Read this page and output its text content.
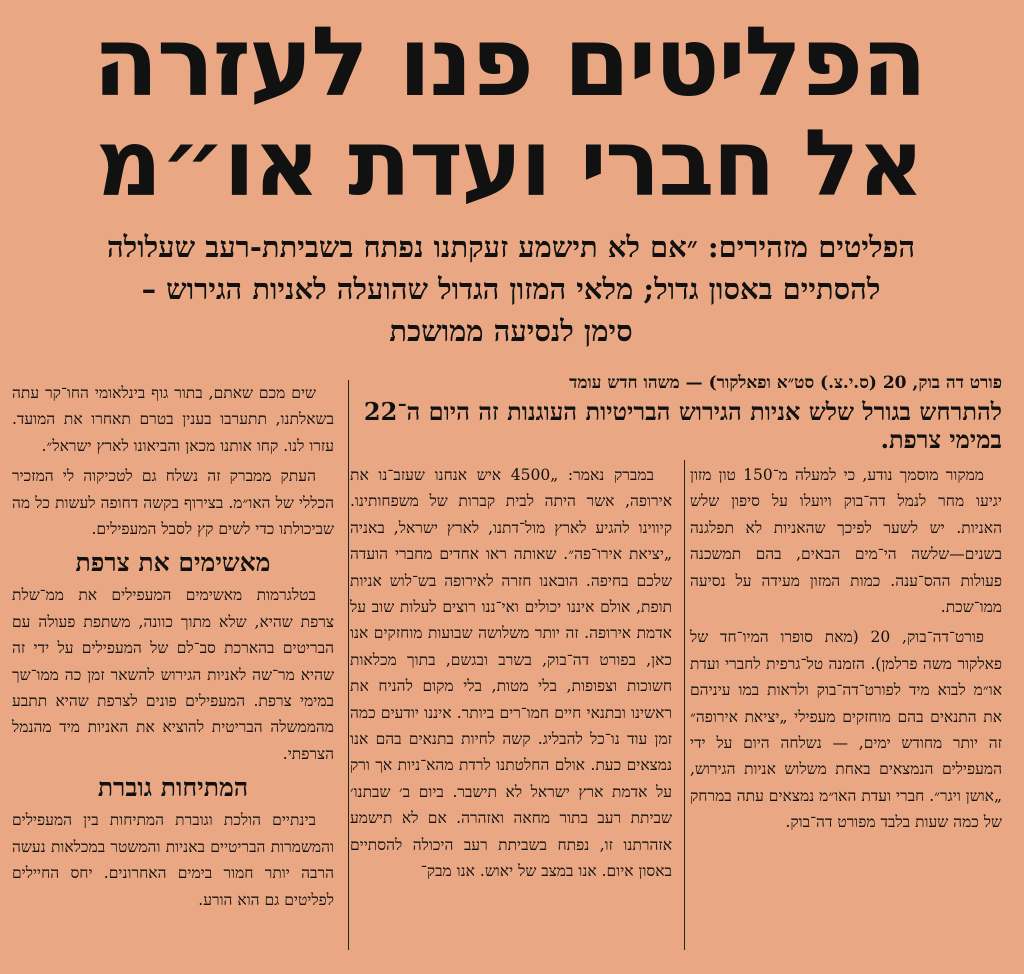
הפליטים פנו לעזרה
אל חברי ועדת או״מ
הפליטים מזהירים: ״אם לא תישמע זעקתנו נפתח בשביתת-רעב שעלולה
להסתיים באסון גדול; מלאי המזון הגדול שהועלה לאניות הגירוש –
סימן לנסיעה ממושכת
פורט דה בוק, 20 (ס.י.צ.) סט״א ופאלקור) — משהו חדש עומד
להתרחש בגורל שלש אניות הגירוש הבריטיות העוגנות זה היום ה־22 במימי צרפת.

ממקור מוסמך נודע, כי למעלה מ־150 טון מזון יגיעו מחר לנמל דה־בוק ויועלו על סיפון שלש האניות. יש לשער לפיכך שהאניות לא תפלגנה בשנים—שלשה הי־מים הבאים, בהם תמשכנה פעולות ההס־ענה. כמות המזון מעידה על נסיעה ממו־שכת.

פורט־דה־בוק, 20 (מאת סופרו המיו־חד של פאלקור משה פרלמן). הזמנה טל־גרפית לחברי ועדת או״מ לבוא מיד לפורט־דה־בוק ולראות במו עיניהם את התנאים בהם מוחזקים מעפילי „יציאת אירופה״ זה יותר מחודש ימים, — נשלחה היום על ידי המעפילים הנמצאים באחת משלוש אניות הגירוש, „אושן ויגר״. חברי ועדת האו״מ נמצאים עתה במרחק של כמה שעות בלבד מפורט דה־בוק.

במברק נאמר: „4500 איש אנחנו שעזב־נו את אירופה, אשר היתה לבית קברות של משפחותינו. קיווינו להגיע לארץ מול־דתנו, לארץ ישראל, באניה „יציאת אירו־פה״. שאותה ראו אחדים מחברי הועדה שלכם בחיפה. הובאנו חזרה לאירופה בש־לוש אניות תופת, אולם איננו יכולים ואי־ננו רוצים לעלות שוב על אדמת אירופה. זה יותר משלושה שבועות מוחזקים אנו כאן, בפורט דה־בוק, בשרב ובגשם, בתוך מכלאות חשוכות וצפופות, בלי מטות, בלי מקום להניח את ראשינו ובתנאי חיים חמו־רים ביותר. איננו יודעים כמה זמן עוד נו־כל להבליג. קשה לחיות בתנאים בהם אנו נמצאים כעת. אולם החלטתנו לרדת מהא־ניות אך ורק על אדמת ארץ ישראל לא תישבר. ביום ב׳ שבתנו׳ שביתת רעב בתור מחאה ואזהרה. אם לא תישמע אזהרתנו זו, נפתח בשביתת רעב היכולה להסתיים באסון איום. אנו במצב של יאוש. אנו מבק־

שים מכם שאתם, בתור גוף בינלאומי החו־קר עתה בשאלתנו, תתערבו בענין בטרם תאחרו את המועד. עזרו לנו. קחו אותנו מכאן והביאונו לארץ ישראל״.

העתק ממברק זה נשלח גם לטכיקוה לי המזכיר הכללי של האו״מ. בצירוף בקשה דחופה לעשות כל מה שביכולתו כדי לשים קץ לסבל המעפילים.

מאשימים את צרפת

בטלגרמות מאשימים המעפילים את ממ־שלת צרפת שהיא, שלא מתוך כוונה, משתפת פעולה עם הבריטים בהארכת סב־לם של המעפילים על ידי זה שהיא מר־שה לאניות הגירוש להשאר זמן כה ממו־שך במימי צרפת. המעפילים פונים לצרפת שהיא תתבע מהממשלה הבריטית להוציא את האניות מיד מהנמל הצרפתי.

המתיחות גוברת

בינתיים הולכת וגוברת המתיחות בין המעפילים והמשמרות הבריטיים באניות והמשטר במכלאות נעשה הרבה יותר חמור בימים האחרונים. יחס החיילים לפליטים גם הוא הורע.
